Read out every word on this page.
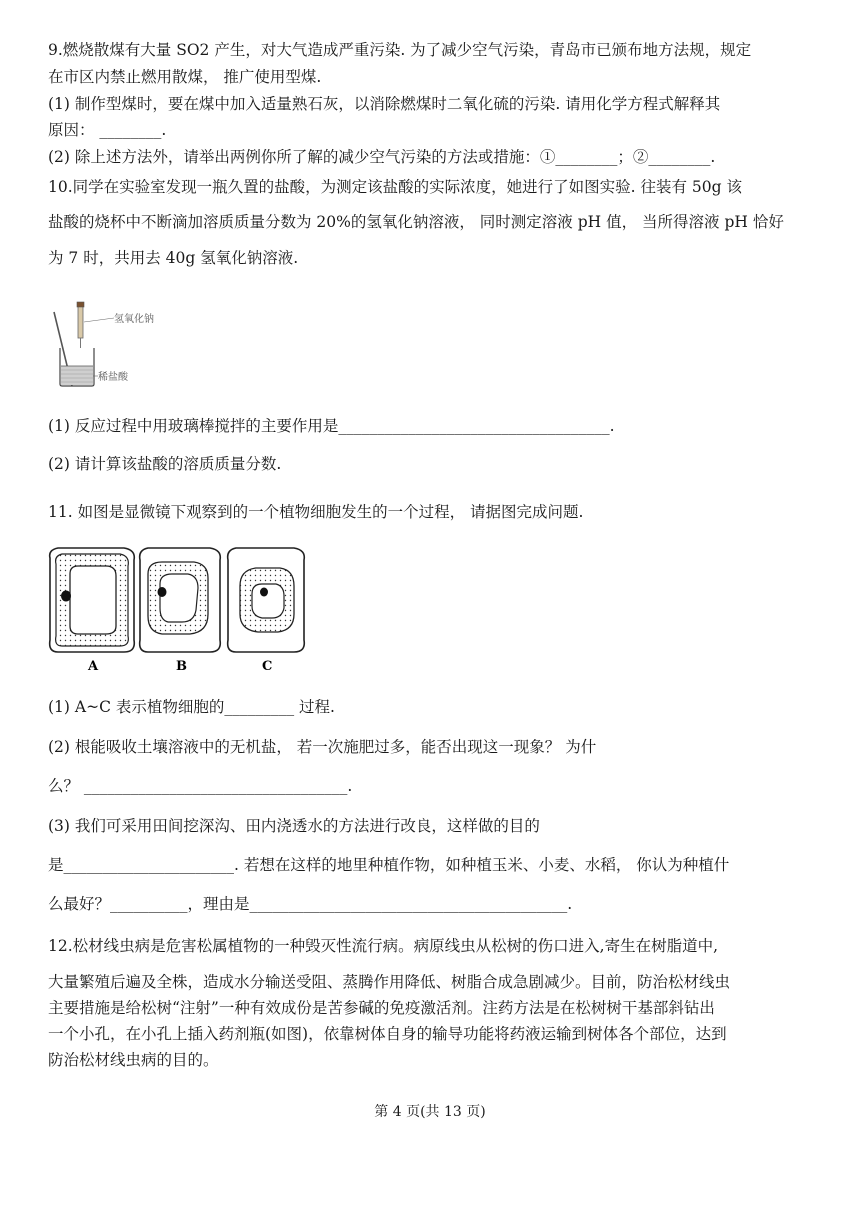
9.燃烧散煤有大量 SO2 产生，对大气造成严重污染. 为了减少空气污染，青岛市已颁布地方法规，规定
在市区内禁止燃用散煤， 推广使用型煤.
(1) 制作型煤时，要在煤中加入适量熟石灰，以消除燃煤时二氧化硫的污染. 请用化学方程式解释其
原因： ________.
(2) 除上述方法外，请举出两例你所了解的减少空气污染的方法或措施：①________；②________.
10.同学在实验室发现一瓶久置的盐酸，为测定该盐酸的实际浓度，她进行了如图实验. 往装有 50g 该
盐酸的烧杯中不断滴加溶质质量分数为 20%的氢氧化钠溶液， 同时测定溶液 pH 值， 当所得溶液 pH 恰好
为 7 时，共用去 40g 氢氧化钠溶液.
氢氧化钠
稀盐酸
(1) 反应过程中用玻璃棒搅拌的主要作用是___________________________________.
(2) 请计算该盐酸的溶质质量分数.
11. 如图是显微镜下观察到的一个植物细胞发生的一个过程， 请据图完成问题.
A	B	C
(1) A~C 表示植物细胞的_________ 过程.
(2) 根能吸收土壤溶液中的无机盐， 若一次施肥过多，能否出现这一现象？ 为什
么？ __________________________________.
(3) 我们可采用田间挖深沟、田内浇透水的方法进行改良，这样做的目的
是______________________. 若想在这样的地里种植作物，如种植玉米、小麦、水稻， 你认为种植什
么最好？__________，理由是_________________________________________.
12.松材线虫病是危害松属植物的一种毁灭性流行病。病原线虫从松树的伤口进入,寄生在树脂道中,
大量繁殖后遍及全株，造成水分输送受阻、蒸腾作用降低、树脂合成急剧减少。目前，防治松材线虫
主要措施是给松树“注射”一种有效成份是苦参碱的免疫激活剂。注药方法是在松树树干基部斜钻出
一个小孔，在小孔上插入药剂瓶(如图)，依靠树体自身的输导功能将药液运输到树体各个部位，达到
防治松材线虫病的目的。
第 4 页(共 13 页)
